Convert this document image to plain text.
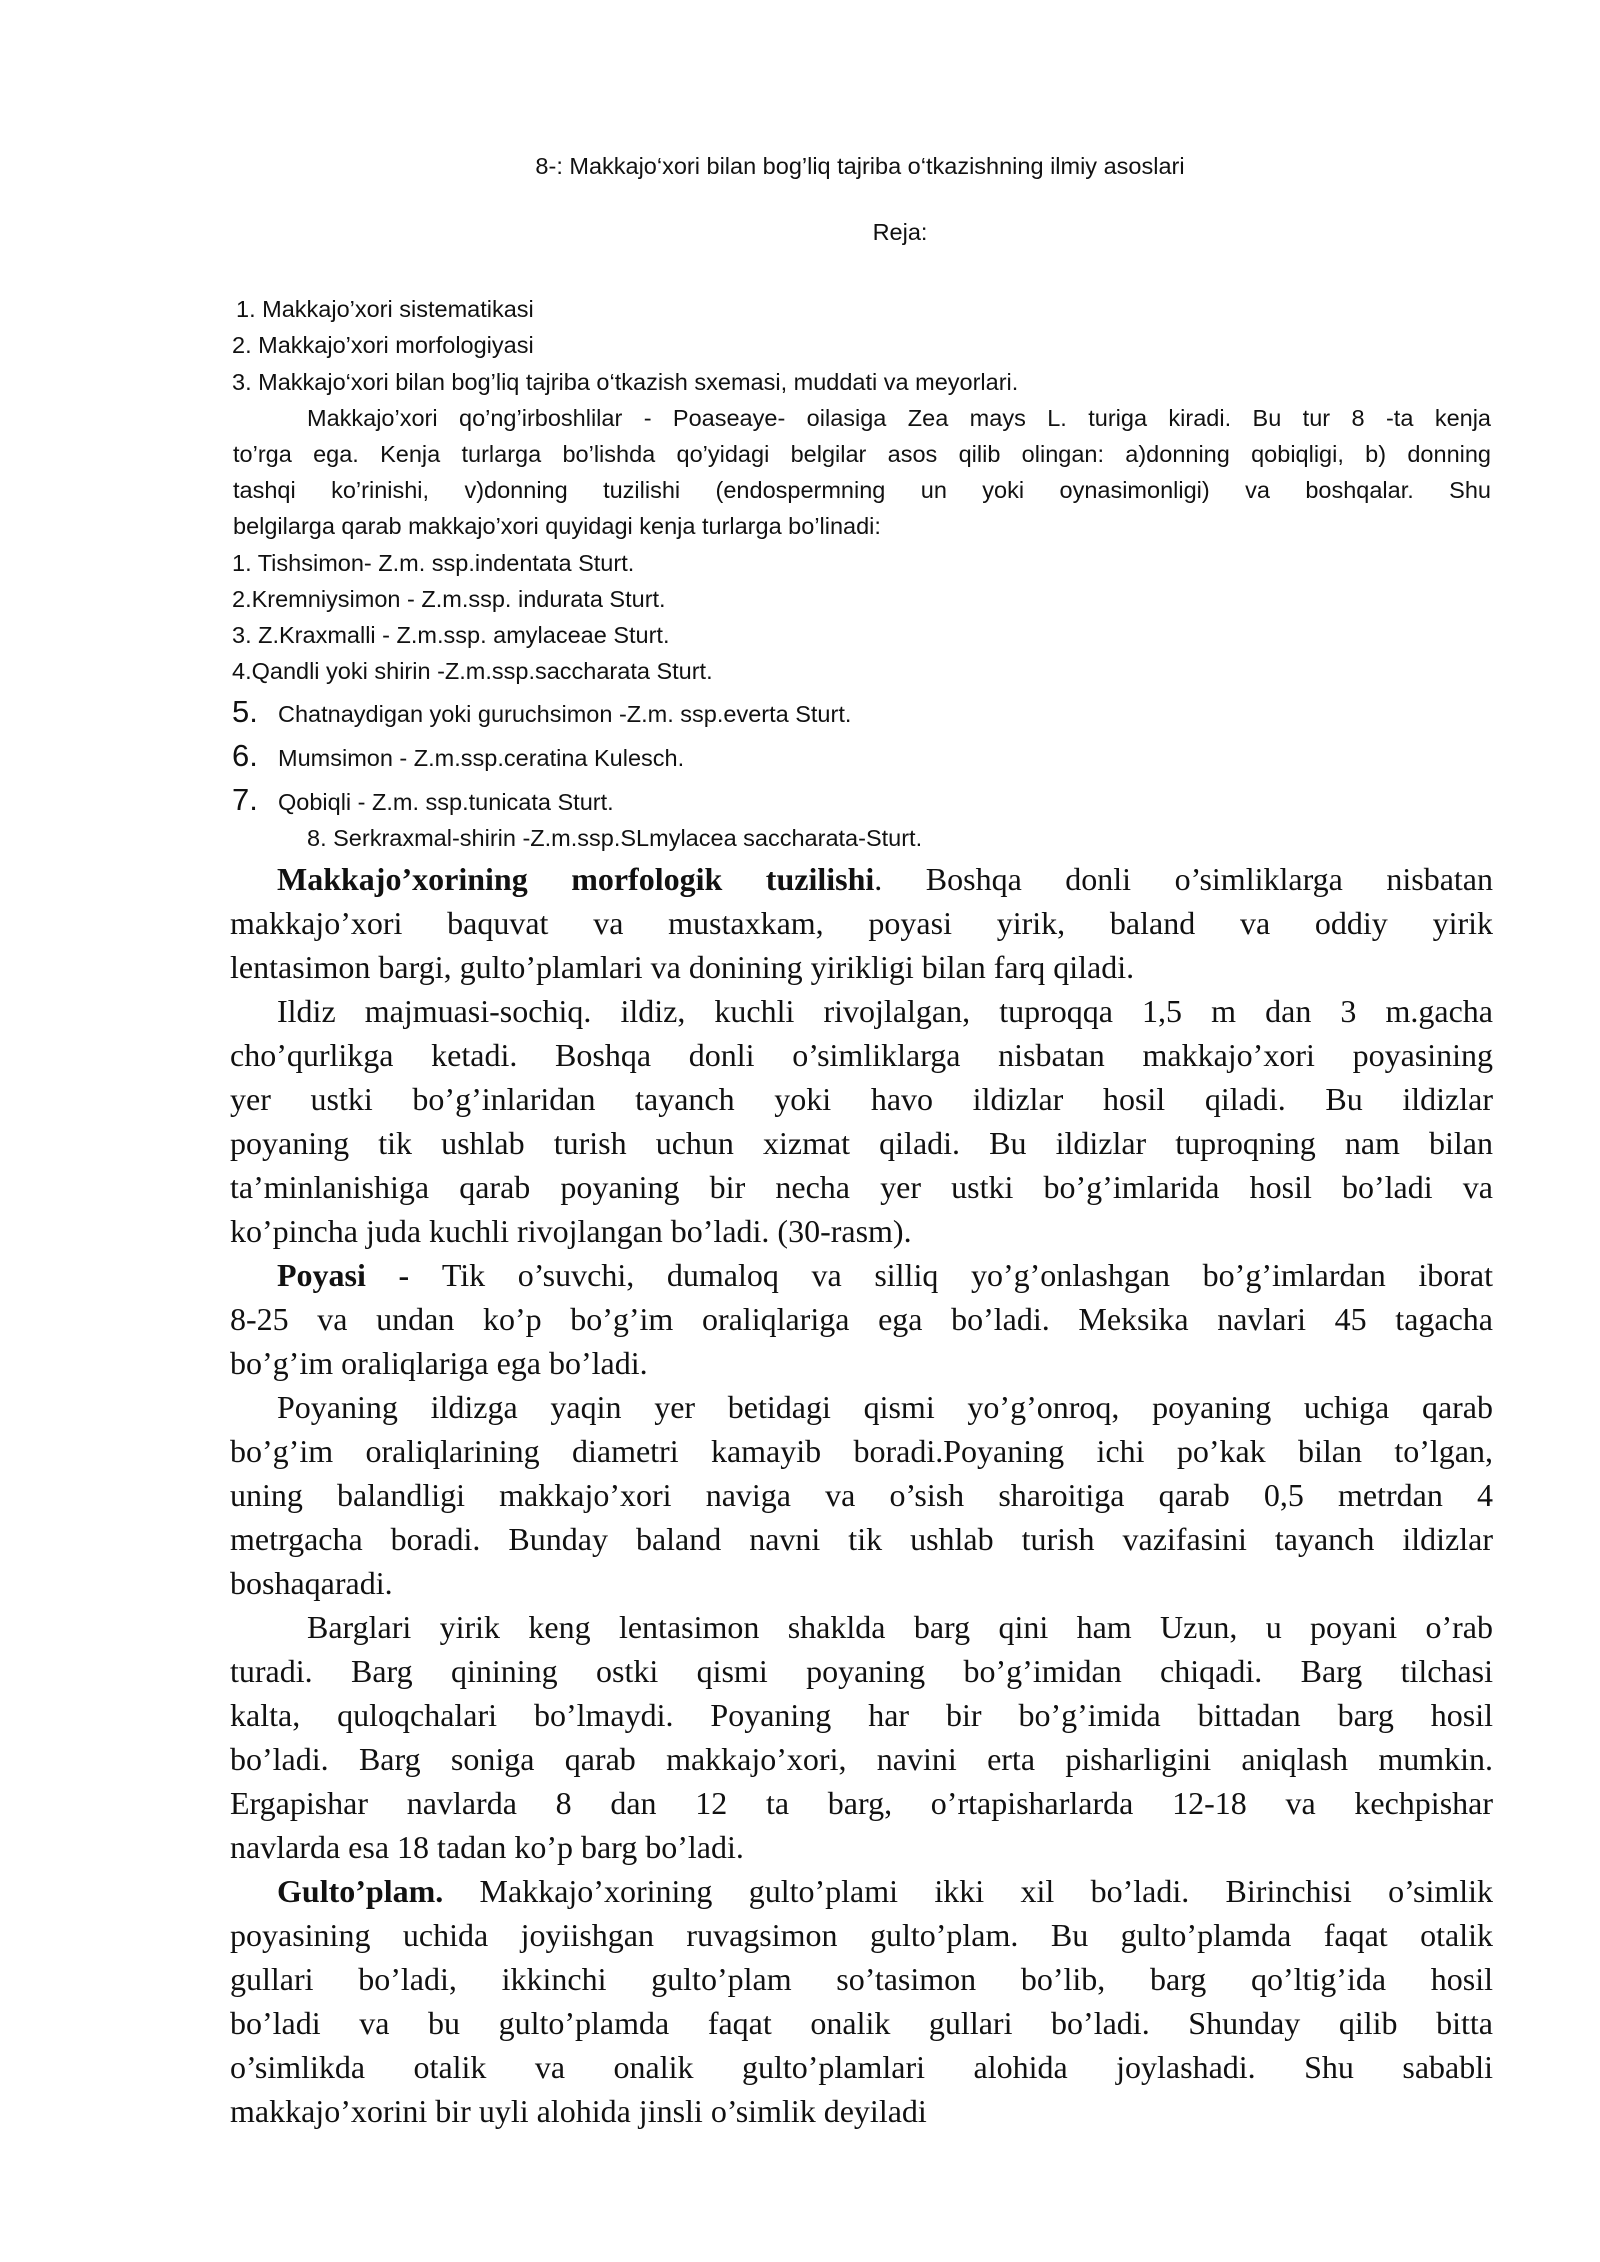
8-: Makkajo‘xori bilan bog’liq tajriba o‘tkazishning ilmiy asoslari
Reja:
1. Makkajo’xori sistematikasi
2. Makkajo’xori morfologiyasi
3. Makkajo‘xori bilan bog’liq tajriba o‘tkazish sxemasi, muddati va meyorlari.
Makkajo’xori qo’ng’irboshlilar - Poaseaye- oilasiga Zea mays L. turiga kiradi. Bu tur 8 -ta kenja
to’rga ega. Kenja turlarga bo’lishda qo’yidagi belgilar asos qilib olingan: a)donning qobiqligi, b) donning
tashqi ko’rinishi, v)donning tuzilishi (endospermning un yoki oynasimonligi) va boshqalar. Shu
belgilarga qarab makkajo’xori quyidagi kenja turlarga bo’linadi:
1. Tishsimon- Z.m. ssp.indentata Sturt.
2.Kremniysimon - Z.m.ssp. indurata Sturt.
3. Z.Kraxmalli - Z.m.ssp. amylaceae Sturt.
4.Qandli yoki shirin -Z.m.ssp.saccharata Sturt.
5. Chatnaydigan yoki guruchsimon -Z.m. ssp.everta Sturt.
6. Mumsimon - Z.m.ssp.ceratina Kulesch.
7. Qobiqli - Z.m. ssp.tunicata Sturt.
8. Serkraxmal-shirin -Z.m.ssp.SLmylacea saccharata-Sturt.
Makkajo’xorining morfologik tuzilishi. Boshqa donli o’simliklarga nisbatan
makkajo’xori baquvat va mustaxkam, poyasi yirik, baland va oddiy yirik
lentasimon bargi, gulto’plamlari va donining yirikligi bilan farq qiladi.
Ildiz majmuasi-sochiq. ildiz, kuchli rivojlalgan, tuproqqa 1,5 m dan 3 m.gacha
cho’qurlikga ketadi. Boshqa donli o’simliklarga nisbatan makkajo’xori poyasining
yer ustki bo’g’inlaridan tayanch yoki havo ildizlar hosil qiladi. Bu ildizlar
poyaning tik ushlab turish uchun xizmat qiladi. Bu ildizlar tuproqning nam bilan
ta’minlanishiga qarab poyaning bir necha yer ustki bo’g’imlarida hosil bo’ladi va
ko’pincha juda kuchli rivojlangan bo’ladi. (30-rasm).
Poyasi - Tik o’suvchi, dumaloq va silliq yo’g’onlashgan bo’g’imlardan iborat
8-25 va undan ko’p bo’g’im oraliqlariga ega bo’ladi. Meksika navlari 45 tagacha
bo’g’im oraliqlariga ega bo’ladi.
Poyaning ildizga yaqin yer betidagi qismi yo’g’onroq, poyaning uchiga qarab
bo’g’im oraliqlarining diametri kamayib boradi.Poyaning ichi po’kak bilan to’lgan,
uning balandligi makkajo’xori naviga va o’sish sharoitiga qarab 0,5 metrdan 4
metrgacha boradi. Bunday baland navni tik ushlab turish vazifasini tayanch ildizlar
boshaqaradi.
Barglari yirik keng lentasimon shakldа barg qini ham Uzun, u poyani o’rab
turadi. Barg qinining ostki qismi poyaning bo’g’imidan chiqadi. Barg tilchasi
kalta, quloqchalari bo’lmaydi. Poyaning har bir bo’g’imida bittadan barg hosil
bo’ladi. Barg soniga qarab makkajo’xori, navini erta pisharligini aniqlash mumkin.
Ergapishar navlarda 8 dan 12 ta barg, o’rtapisharlarda 12-18 va kechpishar
navlarda esa 18 tadan ko’p barg bo’ladi.
Gulto’plam. Makkajo’xorining gulto’plami ikki xil bo’ladi. Birinchisi o’simlik
poyasining uchida joyiishgan ruvagsimon gulto’plam. Bu gulto’plamda faqat otalik
gullari bo’ladi, ikkinchi gulto’plam so’tasimon bo’lib, barg qo’ltig’ida hosil
bo’ladi va bu gulto’plamda faqat onalik gullari bo’ladi. Shunday qilib bitta
o’simlikda otalik va onalik gulto’plamlari alohida joylashadi. Shu sababli
makkajo’xorini bir uyli alohida jinsli o’simlik deyiladi
